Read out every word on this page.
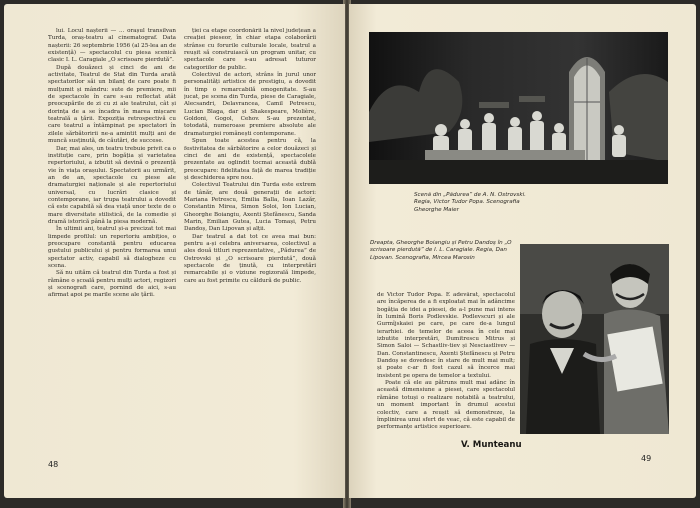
lui. Locul nașterii — ... orașul transilvan Turda, oraș-teatru al cinematograf. Data nașterii: 26 septembrie 1956 (al 25-lea an de existență) — spectacolul cu piesa scenică clasic I. L. Caragiale „O scrisoare pierdută”.

După douăzeci și cinci de ani de activitate, Teatrul de Stat din Turda arată spectatorilor săi un bilanț de care poate fi mulțumit și mândru: sute de premiere, mii de spectacole în care s-au reflectat atât preocupările de zi cu zi ale teatrului, cât și dorința de a se încadra în marea mișcare teatrală a țării. Expoziția retrospectivă cu care teatrul a întâmpinat pe spectatori în zilele sărbătoririi ne-a amintit mulți ani de muncă susținută, de căutări, de succese.

Dar, mai ales, un teatru trebuie privit ca o instituție care, prin bogăția și varietatea repertoriului, a izbutit să devină o prezență vie în viața orașului. Spectatorii au urmărit, an de an, spectacole cu piese ale dramaturgiei naționale și ale repertoriului universal, cu lucrări clasice și contemporane, iar trupa teatrului a dovedit că este capabilă să dea viață unor texte de o mare diversitate stilistică, de la comedie și dramă istorică până la piesa modernă.

În ultimii ani, teatrul și-a precizat tot mai limpede profilul: un repertoriu ambițios, o preocupare constantă pentru educarea gustului publicului și pentru formarea unui spectator activ, capabil să dialogheze cu scena.

Să nu uităm că teatrul din Turda a fost și rămâne o școală pentru mulți actori, regizori și scenografi care, pornind de aici, s-au afirmat apoi pe marile scene ale țării.

ției ca etape coordonării la nivel județean a creației pieseor, în chiar etapa colaborării strânse cu forurile culturale locale, teatrul a reușit să construiască un program unitar, cu spectacole care s-au adresat tuturor categoriilor de public.

Colectivul de actori, strâns în jurul unor personalități artistice de prestigiu, a dovedit în timp o remarcabilă omogenitate. S-au jucat, pe scena din Turda, piese de Caragiale, Alecsandri, Delavrancea, Camil Petrescu, Lucian Blaga, dar și Shakespeare, Molière, Goldoni, Gogol, Cehov. S-au prezentat, totodată, numeroase premiere absolute ale dramaturgiei românești contemporane.

Spun toate acestea pentru că, la festivitatea de sărbătorire a celor douăzeci și cinci de ani de existență, spectacolele prezentate au oglindit tocmai această dublă preocupare: fidelitatea față de marea tradiție și deschiderea spre nou.

Colectivul Teatrului din Turda este extrem de tânăr, are două generații de actori: Mariana Petrescu, Emilia Balla, Ioan Lazăr, Constantin Mirea, Simon Soloi, Ion Lucian, Gheorghe Boiangiu, Axenti Ștefănescu, Sanda Marin, Emilian Gutea, Lucia Tomași, Petru Dandoș, Dan Lipovan și alții.

Dar teatrul a dat tot ce avea mai bun: pentru a-și celebra aniversarea, colectivul a ales două titluri reprezentative, „Pădurea” de Ostrovski și „O scrisoare pierdută”, două spectacole de ținută, cu interpretări remarcabile și o viziune regizorală limpede, care au fost primite cu căldură de public.

48
Scenă din „Pădurea” de A. N. Ostrovski. Regia, Victor Tudor Popa. Scenografia Gheorghe Maier
Dreapta, Gheorghe Boiangiu și Petru Dandoș în „O scrisoare pierdută” de I. L. Caragiale. Regia, Dan Lipovan. Scenografia, Mircea Marosin

de Victor Tudor Popa. E adevărat, spectacolul are încăperea de a fi exploatat mai în adâncime bogăția de idei a piesei, de a-l pune mai intens în lumină Boris Podlevskie. Podlevscuri și ale Gurmîjskaiei pe care, pe care de-a lungul ierarhiei. de temelor de aceea în cele mai izbutite interpretări, Dumitrescu Mitrus și Simon Saloi — Schastliv-tiev și Nesciastlivev — Dan. Constantinescu, Axenti Ștefănescu și Petru Dandoș se dovedesc în stare de mult mai mult; și poate c-ar fi fost cazul să încerce mai insistent pe opera de temelor a textului.

Poate că ele au pătruns mult mai adânc în această dimensiune a piesei, care spectacolul rămâne totuși o realizare notabilă a teatrului, un moment important în drumul acestui colectiv, care a reușit să demonstreze, la împlinirea unui sfert de veac, că este capabil de performanțe artistice superioare.

V. Munteanu
49
